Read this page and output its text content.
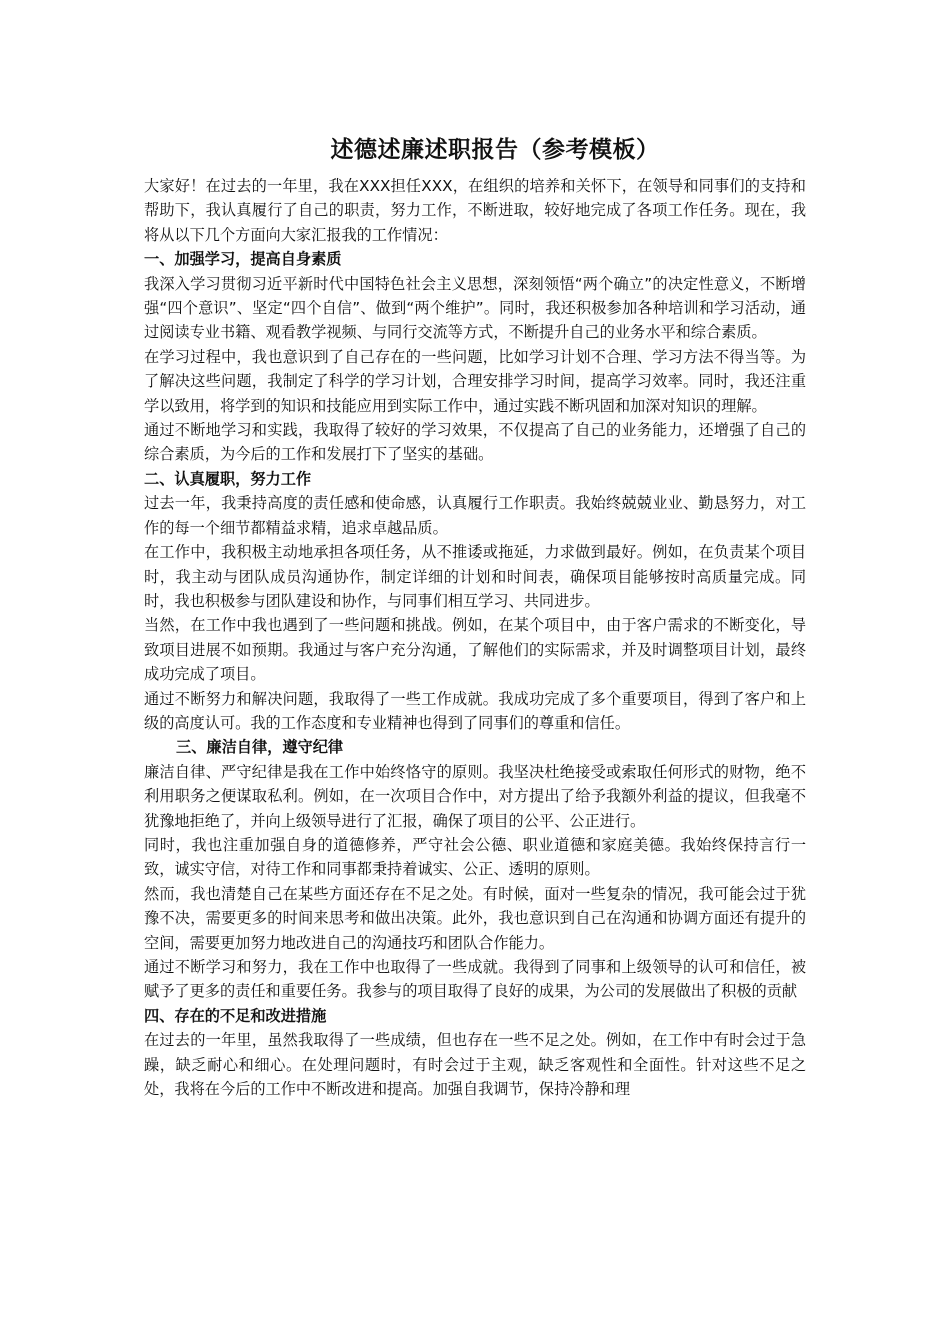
述德述廉述职报告（参考模板）

大家好！在过去的一年里，我在XXX担任XXX，在组织的培养和关怀下，在领导和同事们的支持和帮助下，我认真履行了自己的职责，努力工作，不断进取，较好地完成了各项工作任务。现在，我将从以下几个方面向大家汇报我的工作情况：

一、加强学习，提高自身素质

我深入学习贯彻习近平新时代中国特色社会主义思想，深刻领悟“两个确立”的决定性意义，不断增强“四个意识”、坚定“四个自信”、做到“两个维护”。同时，我还积极参加各种培训和学习活动，通过阅读专业书籍、观看教学视频、与同行交流等方式，不断提升自己的业务水平和综合素质。

在学习过程中，我也意识到了自己存在的一些问题，比如学习计划不合理、学习方法不得当等。为了解决这些问题，我制定了科学的学习计划，合理安排学习时间，提高学习效率。同时，我还注重学以致用，将学到的知识和技能应用到实际工作中，通过实践不断巩固和加深对知识的理解。

通过不断地学习和实践，我取得了较好的学习效果，不仅提高了自己的业务能力，还增强了自己的综合素质，为今后的工作和发展打下了坚实的基础。

二、认真履职，努力工作

过去一年，我秉持高度的责任感和使命感，认真履行工作职责。我始终兢兢业业、勤恳努力，对工作的每一个细节都精益求精，追求卓越品质。

在工作中，我积极主动地承担各项任务，从不推诿或拖延，力求做到最好。例如，在负责某个项目时，我主动与团队成员沟通协作，制定详细的计划和时间表，确保项目能够按时高质量完成。同时，我也积极参与团队建设和协作，与同事们相互学习、共同进步。

当然，在工作中我也遇到了一些问题和挑战。例如，在某个项目中，由于客户需求的不断变化，导致项目进展不如预期。我通过与客户充分沟通，了解他们的实际需求，并及时调整项目计划，最终成功完成了项目。

通过不断努力和解决问题，我取得了一些工作成就。我成功完成了多个重要项目，得到了客户和上级的高度认可。我的工作态度和专业精神也得到了同事们的尊重和信任。

三、廉洁自律，遵守纪律

廉洁自律、严守纪律是我在工作中始终恪守的原则。我坚决杜绝接受或索取任何形式的财物，绝不利用职务之便谋取私利。例如，在一次项目合作中，对方提出了给予我额外利益的提议，但我毫不犹豫地拒绝了，并向上级领导进行了汇报，确保了项目的公平、公正进行。

同时，我也注重加强自身的道德修养，严守社会公德、职业道德和家庭美德。我始终保持言行一致，诚实守信，对待工作和同事都秉持着诚实、公正、透明的原则。

然而，我也清楚自己在某些方面还存在不足之处。有时候，面对一些复杂的情况，我可能会过于犹豫不决，需要更多的时间来思考和做出决策。此外，我也意识到自己在沟通和协调方面还有提升的空间，需要更加努力地改进自己的沟通技巧和团队合作能力。

通过不断学习和努力，我在工作中也取得了一些成就。我得到了同事和上级领导的认可和信任，被赋予了更多的责任和重要任务。我参与的项目取得了良好的成果，为公司的发展做出了积极的贡献

四、存在的不足和改进措施

在过去的一年里，虽然我取得了一些成绩，但也存在一些不足之处。例如，在工作中有时会过于急躁，缺乏耐心和细心。在处理问题时，有时会过于主观，缺乏客观性和全面性。针对这些不足之处，我将在今后的工作中不断改进和提高。加强自我调节，保持冷静和理
